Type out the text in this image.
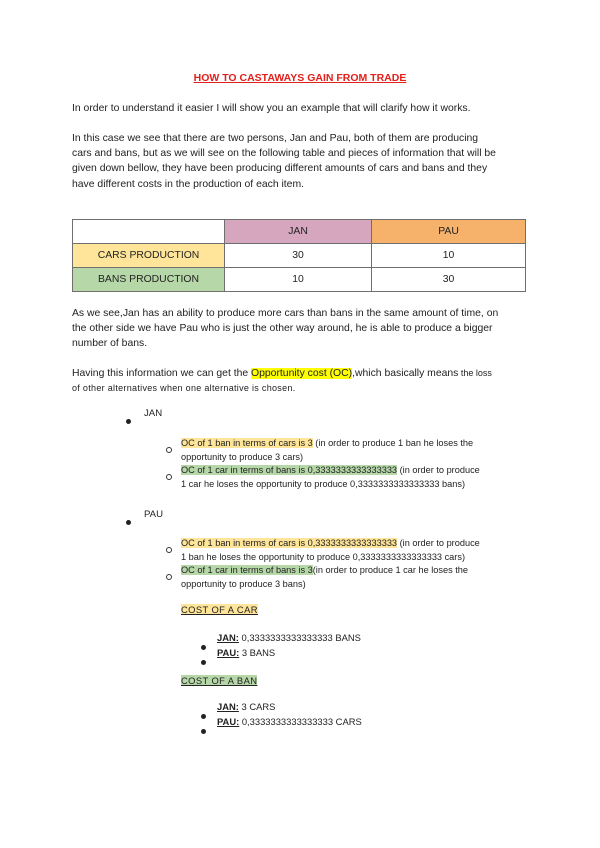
HOW TO CASTAWAYS GAIN FROM TRADE
In order to understand it easier I will show you an example that will clarify how it works.
In this case we see that there are two persons, Jan and Pau, both of them are producing
cars and bans, but as we will see on the following table and pieces of information that will be
given down bellow, they have been producing different amounts of cars and bans and they
have different costs in the production of each item.
	JAN	PAU
CARS PRODUCTION	30	10
BANS PRODUCTION	10	30
As we see,Jan has an ability to produce more cars than bans in the same amount of time, on
the other side we have Pau who is just the other way around, he is able to produce a bigger
number of bans.
Having this information we can get the Opportunity cost (OC),which basically means the loss
of other alternatives when one alternative is chosen.
JAN
OC of 1 ban in terms of cars is 3 (in order to produce 1 ban he loses the
opportunity to produce 3 cars)
OC of 1 car in terms of bans is 0,3333333333333333 (in order to produce
1 car he loses the opportunity to produce 0,3333333333333333 bans)
PAU
OC of 1 ban in terms of cars is 0,3333333333333333 (in order to produce
1 ban he loses the opportunity to produce 0,3333333333333333 cars)
OC of 1 car in terms of bans is 3(in order to produce 1 car he loses the
opportunity to produce 3 bans)
COST OF A CAR
JAN: 0,3333333333333333 BANS
PAU: 3 BANS
COST OF A BAN
JAN: 3 CARS
PAU: 0,3333333333333333 CARS
